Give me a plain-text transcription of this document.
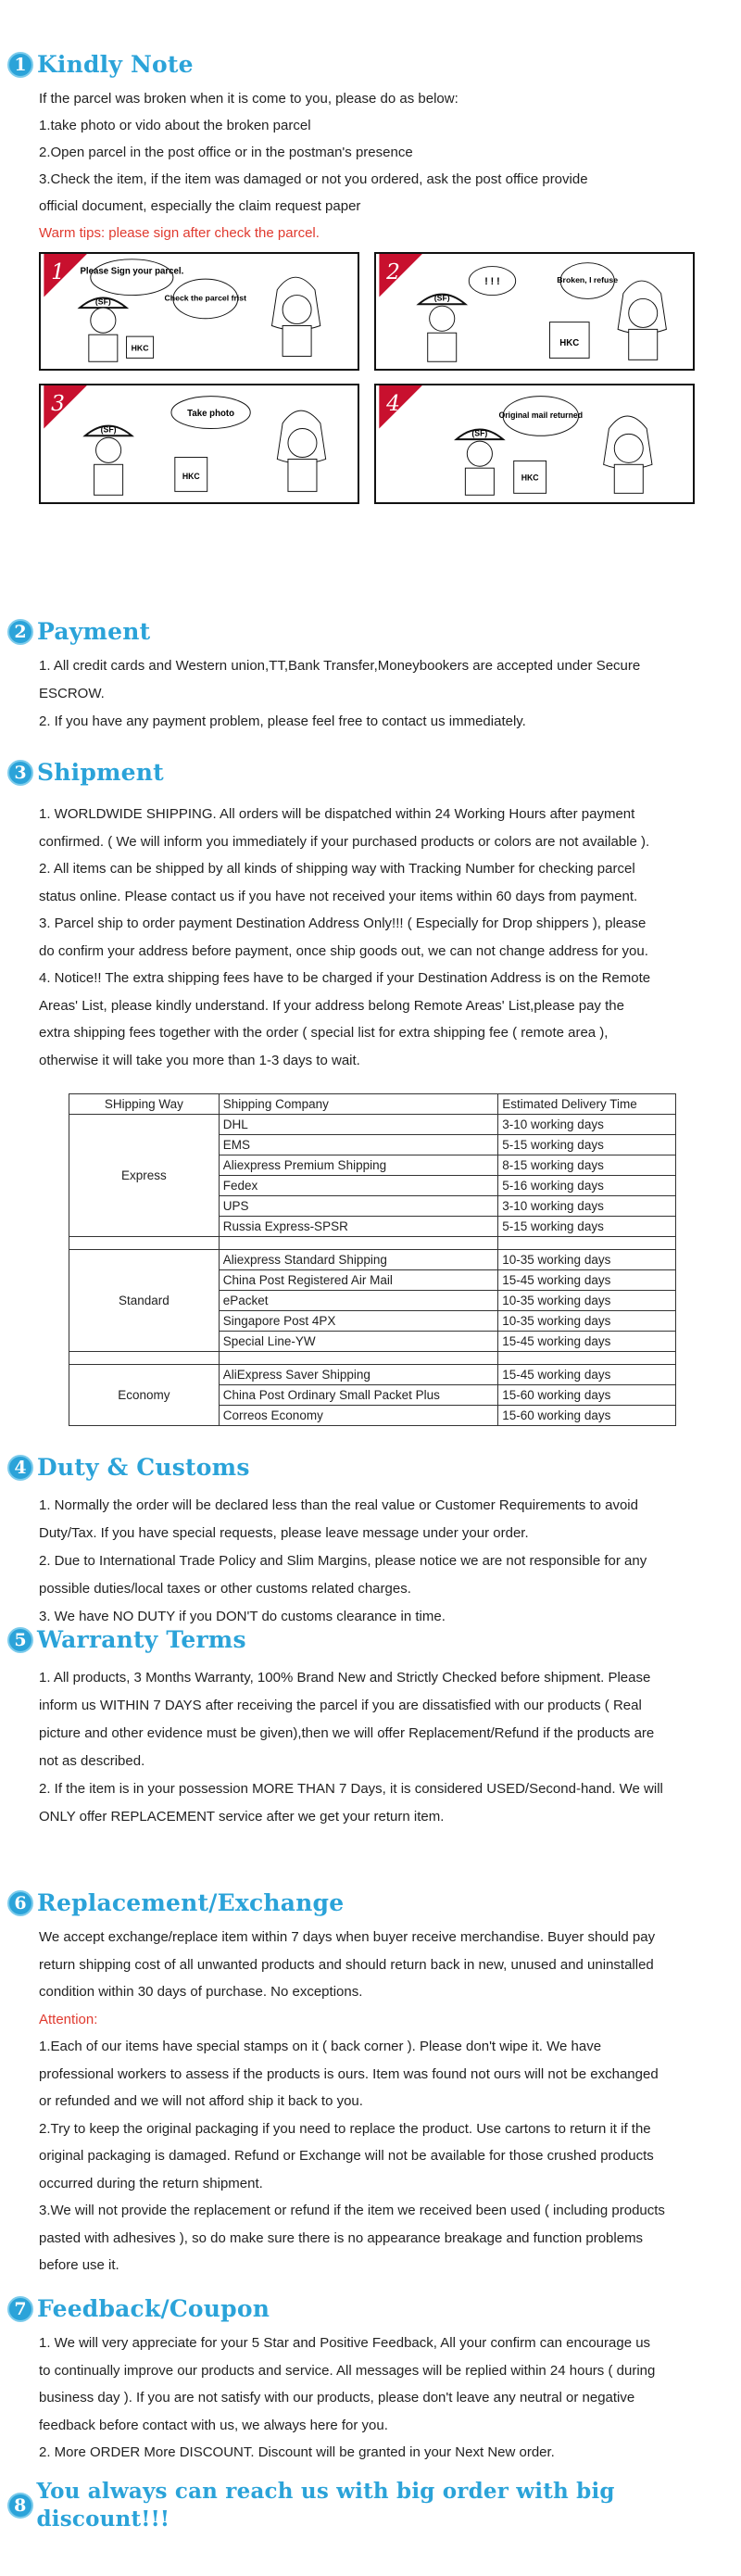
1 Kindly Note

If the parcel was broken when it is come to you, please do as below:

1.take photo or vido about the broken parcel

2.Open parcel in the post office or in the postman's presence

3.Check the item, if the item was damaged or not you ordered, ask the post office provide

official document, especially the claim request paper

Warm tips: please sign after check the parcel.

1 Please Sign your parcel.
Check the parcel frist
(SF)
HKC
2	! ! !	Broken, I refuse
(SF)
HKC
3	Take photo
(SF)
HKC
4	Original mail returned
(SF)
HKC
2 Payment

1. All credit cards and Western union,TT,Bank Transfer,Moneybookers are accepted under Secure

ESCROW.

2. If you have any payment problem, please feel free to contact us immediately.

3 Shipment

1. WORLDWIDE SHIPPING. All orders will be dispatched within 24 Working Hours after payment

confirmed. ( We will inform you immediately if your purchased products or colors are not available ).

2. All items can be shipped by all kinds of shipping way with Tracking Number for checking parcel

status online. Please contact us if you have not received your items within 60 days from payment.

3. Parcel ship to order payment Destination Address Only!!! ( Especially for Drop shippers ), please

do confirm your address before payment, once ship goods out, we can not change address for you.

4. Notice!! The extra shipping fees have to be charged if your Destination Address is on the Remote

Areas' List, please kindly understand. If your address belong Remote Areas' List,please pay the

extra shipping fees together with the order ( special list for extra shipping fee ( remote area ),

otherwise it will take you more than 1-3 days to wait.

SHipping Way	Shipping Company	Estimated Delivery Time
Express	DHL	3-10 working days
	EMS	5-15 working days
	Aliexpress Premium Shipping	8-15 working days
	Fedex	5-16 working days
	UPS	3-10 working days
	Russia Express-SPSR	5-15 working days

Standard	Aliexpress Standard Shipping	10-35 working days
	China Post Registered Air Mail	15-45 working days
	ePacket	10-35 working days
	Singapore Post 4PX	10-35 working days
	Special Line-YW	15-45 working days

Economy	AliExpress Saver Shipping	15-45 working days
	China Post Ordinary Small Packet Plus	15-60 working days
	Correos Economy	15-60 working days
4 Duty & Customs

1. Normally the order will be declared less than the real value or Customer Requirements to avoid

Duty/Tax. If you have special requests, please leave message under your order.

2. Due to International Trade Policy and Slim Margins, please notice we are not responsible for any

possible duties/local taxes or other customs related charges.

3. We have NO DUTY if you DON'T do customs clearance in time.

5 Warranty Terms

1. All products, 3 Months Warranty, 100% Brand New and Strictly Checked before shipment. Please

inform us WITHIN 7 DAYS after receiving the parcel if you are dissatisfied with our products ( Real

picture and other evidence must be given),then we will offer Replacement/Refund if the products are

not as described.

2. If the item is in your possession MORE THAN 7 Days, it is considered USED/Second-hand. We will

ONLY offer REPLACEMENT service after we get your return item.

6 Replacement/Exchange

We accept exchange/replace item within 7 days when buyer receive merchandise. Buyer should pay

return shipping cost of all unwanted products and should return back in new, unused and uninstalled

condition within 30 days of purchase. No exceptions.

Attention:

1.Each of our items have special stamps on it ( back corner ). Please don't wipe it. We have

professional workers to assess if the products is ours. Item was found not ours will not be exchanged

or refunded and we will not afford ship it back to you.

2.Try to keep the original packaging if you need to replace the product. Use cartons to return it if the

original packaging is damaged. Refund or Exchange will not be available for those crushed products

occurred during the return shipment.

3.We will not provide the replacement or refund if the item we received been used ( including products

pasted with adhesives ), so do make sure there is no appearance breakage and function problems

before use it.

7 Feedback/Coupon

1. We will very appreciate for your 5 Star and Positive Feedback, All your confirm can encourage us

to continually improve our products and service. All messages will be replied within 24 hours ( during

business day ). If you are not satisfy with our products, please don't leave any neutral or negative

feedback before contact with us, we always here for you.

2. More ORDER More DISCOUNT. Discount will be granted in your Next New order.

8
You always can reach us with big order with big discount!!!
